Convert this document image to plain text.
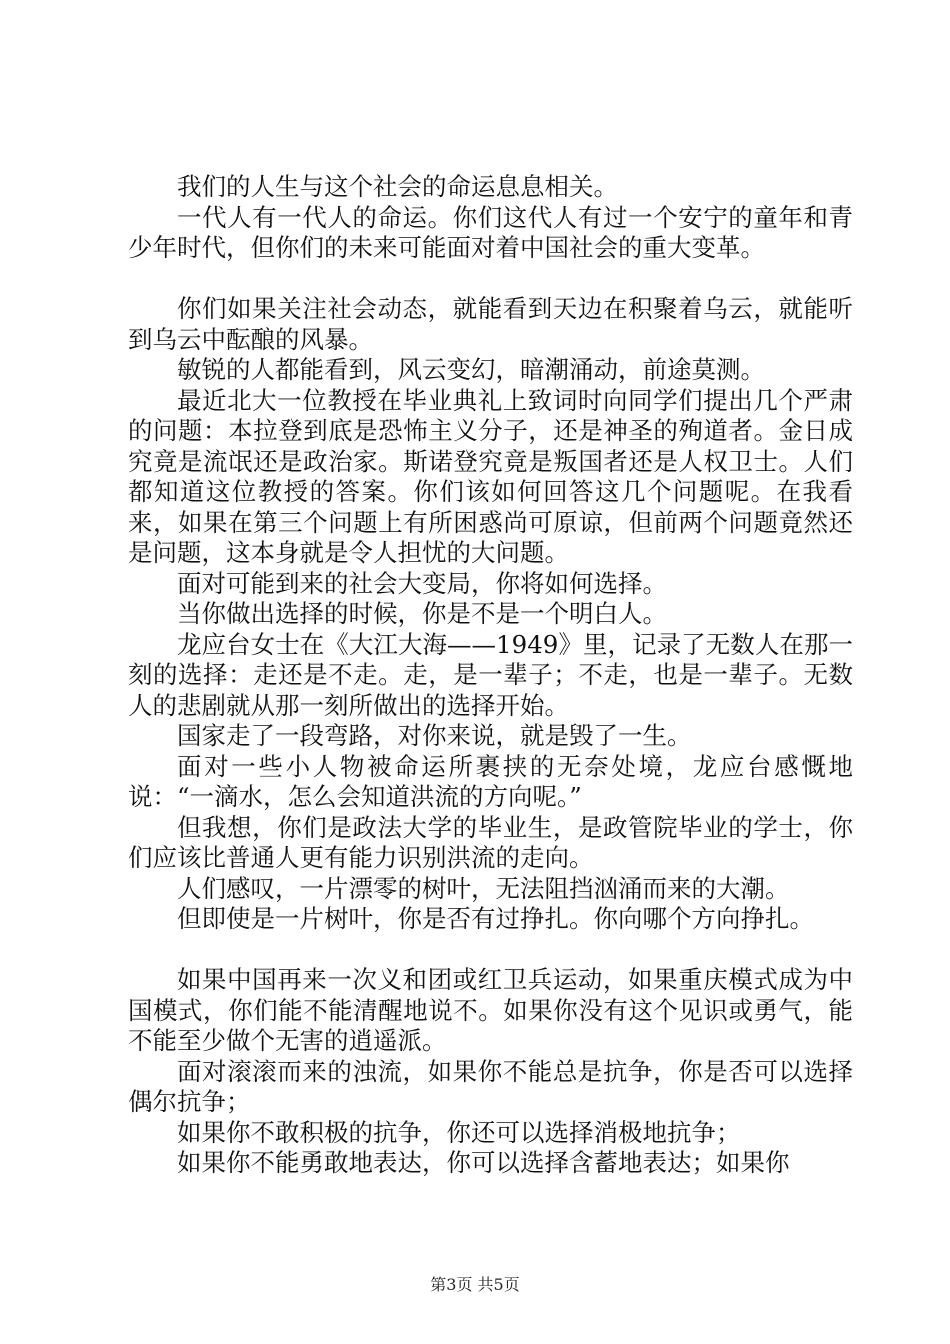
我们的人生与这个社会的命运息息相关。

一代人有一代人的命运。你们这代人有过一个安宁的童年和青少年时代，但你们的未来可能面对着中国社会的重大变革。

你们如果关注社会动态，就能看到天边在积聚着乌云，就能听到乌云中酝酿的风暴。

敏锐的人都能看到，风云变幻，暗潮涌动，前途莫测。

最近北大一位教授在毕业典礼上致词时向同学们提出几个严肃的问题：本拉登到底是恐怖主义分子，还是神圣的殉道者。金日成究竟是流氓还是政治家。斯诺登究竟是叛国者还是人权卫士。人们都知道这位教授的答案。你们该如何回答这几个问题呢。在我看来，如果在第三个问题上有所困惑尚可原谅，但前两个问题竟然还是问题，这本身就是令人担忧的大问题。

面对可能到来的社会大变局，你将如何选择。

当你做出选择的时候，你是不是一个明白人。

龙应台女士在《大江大海——1949》里，记录了无数人在那一刻的选择：走还是不走。走，是一辈子；不走，也是一辈子。无数人的悲剧就从那一刻所做出的选择开始。

国家走了一段弯路，对你来说，就是毁了一生。

面对一些小人物被命运所裹挟的无奈处境，龙应台感慨地说：“一滴水，怎么会知道洪流的方向呢。”

但我想，你们是政法大学的毕业生，是政管院毕业的学士，你们应该比普通人更有能力识别洪流的走向。

人们感叹，一片漂零的树叶，无法阻挡汹涌而来的大潮。

但即使是一片树叶，你是否有过挣扎。你向哪个方向挣扎。

如果中国再来一次义和团或红卫兵运动，如果重庆模式成为中国模式，你们能不能清醒地说不。如果你没有这个见识或勇气，能不能至少做个无害的逍遥派。

面对滚滚而来的浊流，如果你不能总是抗争，你是否可以选择偶尔抗争；

如果你不敢积极的抗争，你还可以选择消极地抗争；

如果你不能勇敢地表达，你可以选择含蓄地表达；如果你

第3页 共5页
